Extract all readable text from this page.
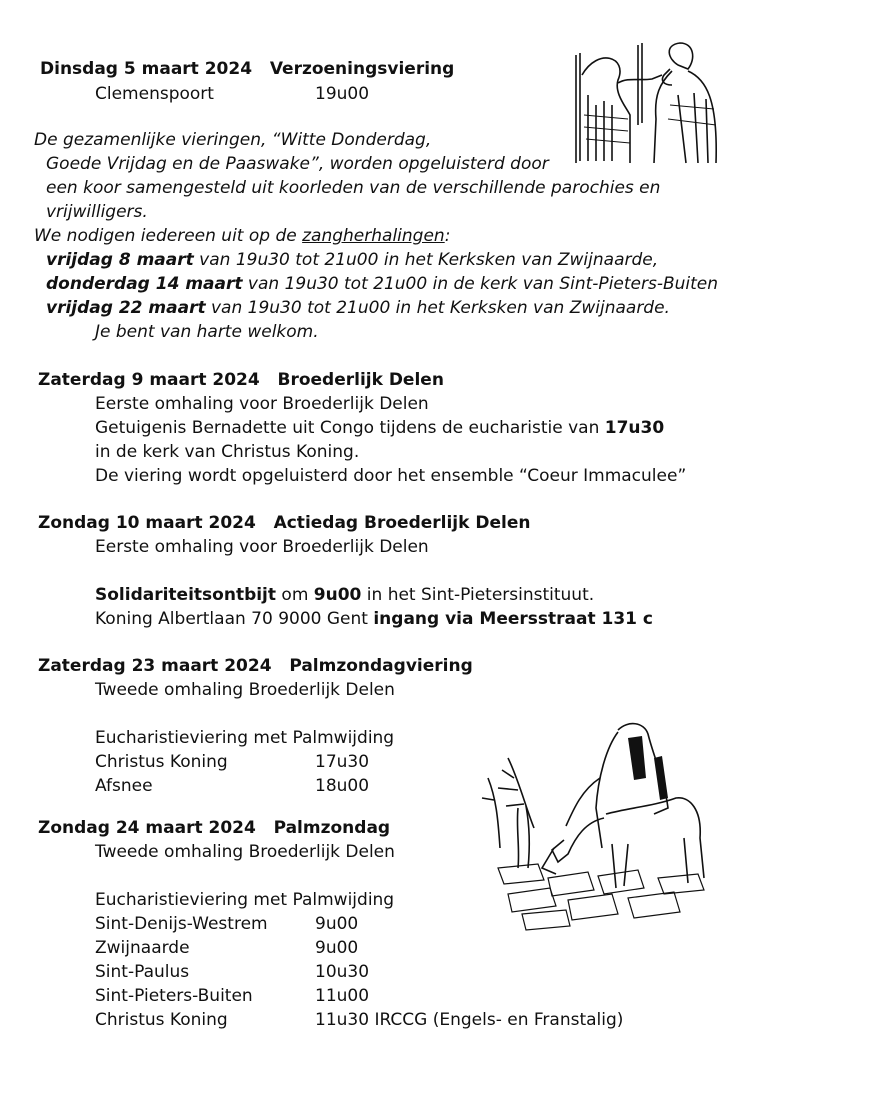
Dinsdag 5 maart 2024 Verzoeningsviering
Clemenspoort	19u00
De gezamenlijke vieringen, “Witte Donderdag,
Goede Vrijdag en de Paaswake”, worden opgeluisterd door
een koor samengesteld uit koorleden van de verschillende parochies en
vrijwilligers.
We nodigen iedereen uit op de zangherhalingen:
vrijdag 8 maart van 19u30 tot 21u00 in het Kerksken van Zwijnaarde,
donderdag 14 maart van 19u30 tot 21u00 in de kerk van Sint-Pieters-Buiten
vrijdag 22 maart van 19u30 tot 21u00 in het Kerksken van Zwijnaarde.
Je bent van harte welkom.
Zaterdag 9 maart 2024 Broederlijk Delen
Eerste omhaling voor Broederlijk Delen
Getuigenis Bernadette uit Congo tijdens de eucharistie van 17u30
in de kerk van Christus Koning.
De viering wordt opgeluisterd door het ensemble “Coeur Immaculee”
Zondag 10 maart 2024 Actiedag Broederlijk Delen
Eerste omhaling voor Broederlijk Delen
Solidariteitsontbijt om 9u00 in het Sint-Pietersinstituut.
Koning Albertlaan 70 9000 Gent ingang via Meersstraat 131 c
Zaterdag 23 maart 2024 Palmzondagviering
Tweede omhaling Broederlijk Delen
Eucharistieviering met Palmwijding
Christus Koning	17u30
Afsnee	18u00
Zondag 24 maart 2024 Palmzondag
Tweede omhaling Broederlijk Delen
Eucharistieviering met Palmwijding
Sint-Denijs-Westrem	9u00
Zwijnaarde	9u00
Sint-Paulus	10u30
Sint-Pieters-Buiten	11u00
Christus Koning	11u30 IRCCG (Engels- en Franstalig)
